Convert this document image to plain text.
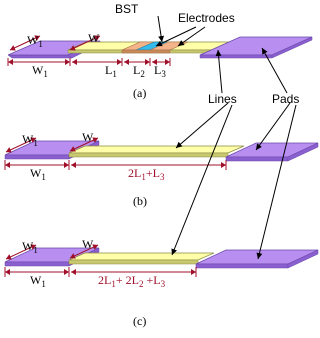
BST
Electrodes
Lines	Pads
$W_1$	W
$W_1$	$L_1$ $L_2$ $L_3$
(a)
$W_1$	W
$W_1$	$2L_1+L_3$
(b)
$W_1$	W
$W_1$	$2L_1+ 2L_2 +L_3$
(c)
